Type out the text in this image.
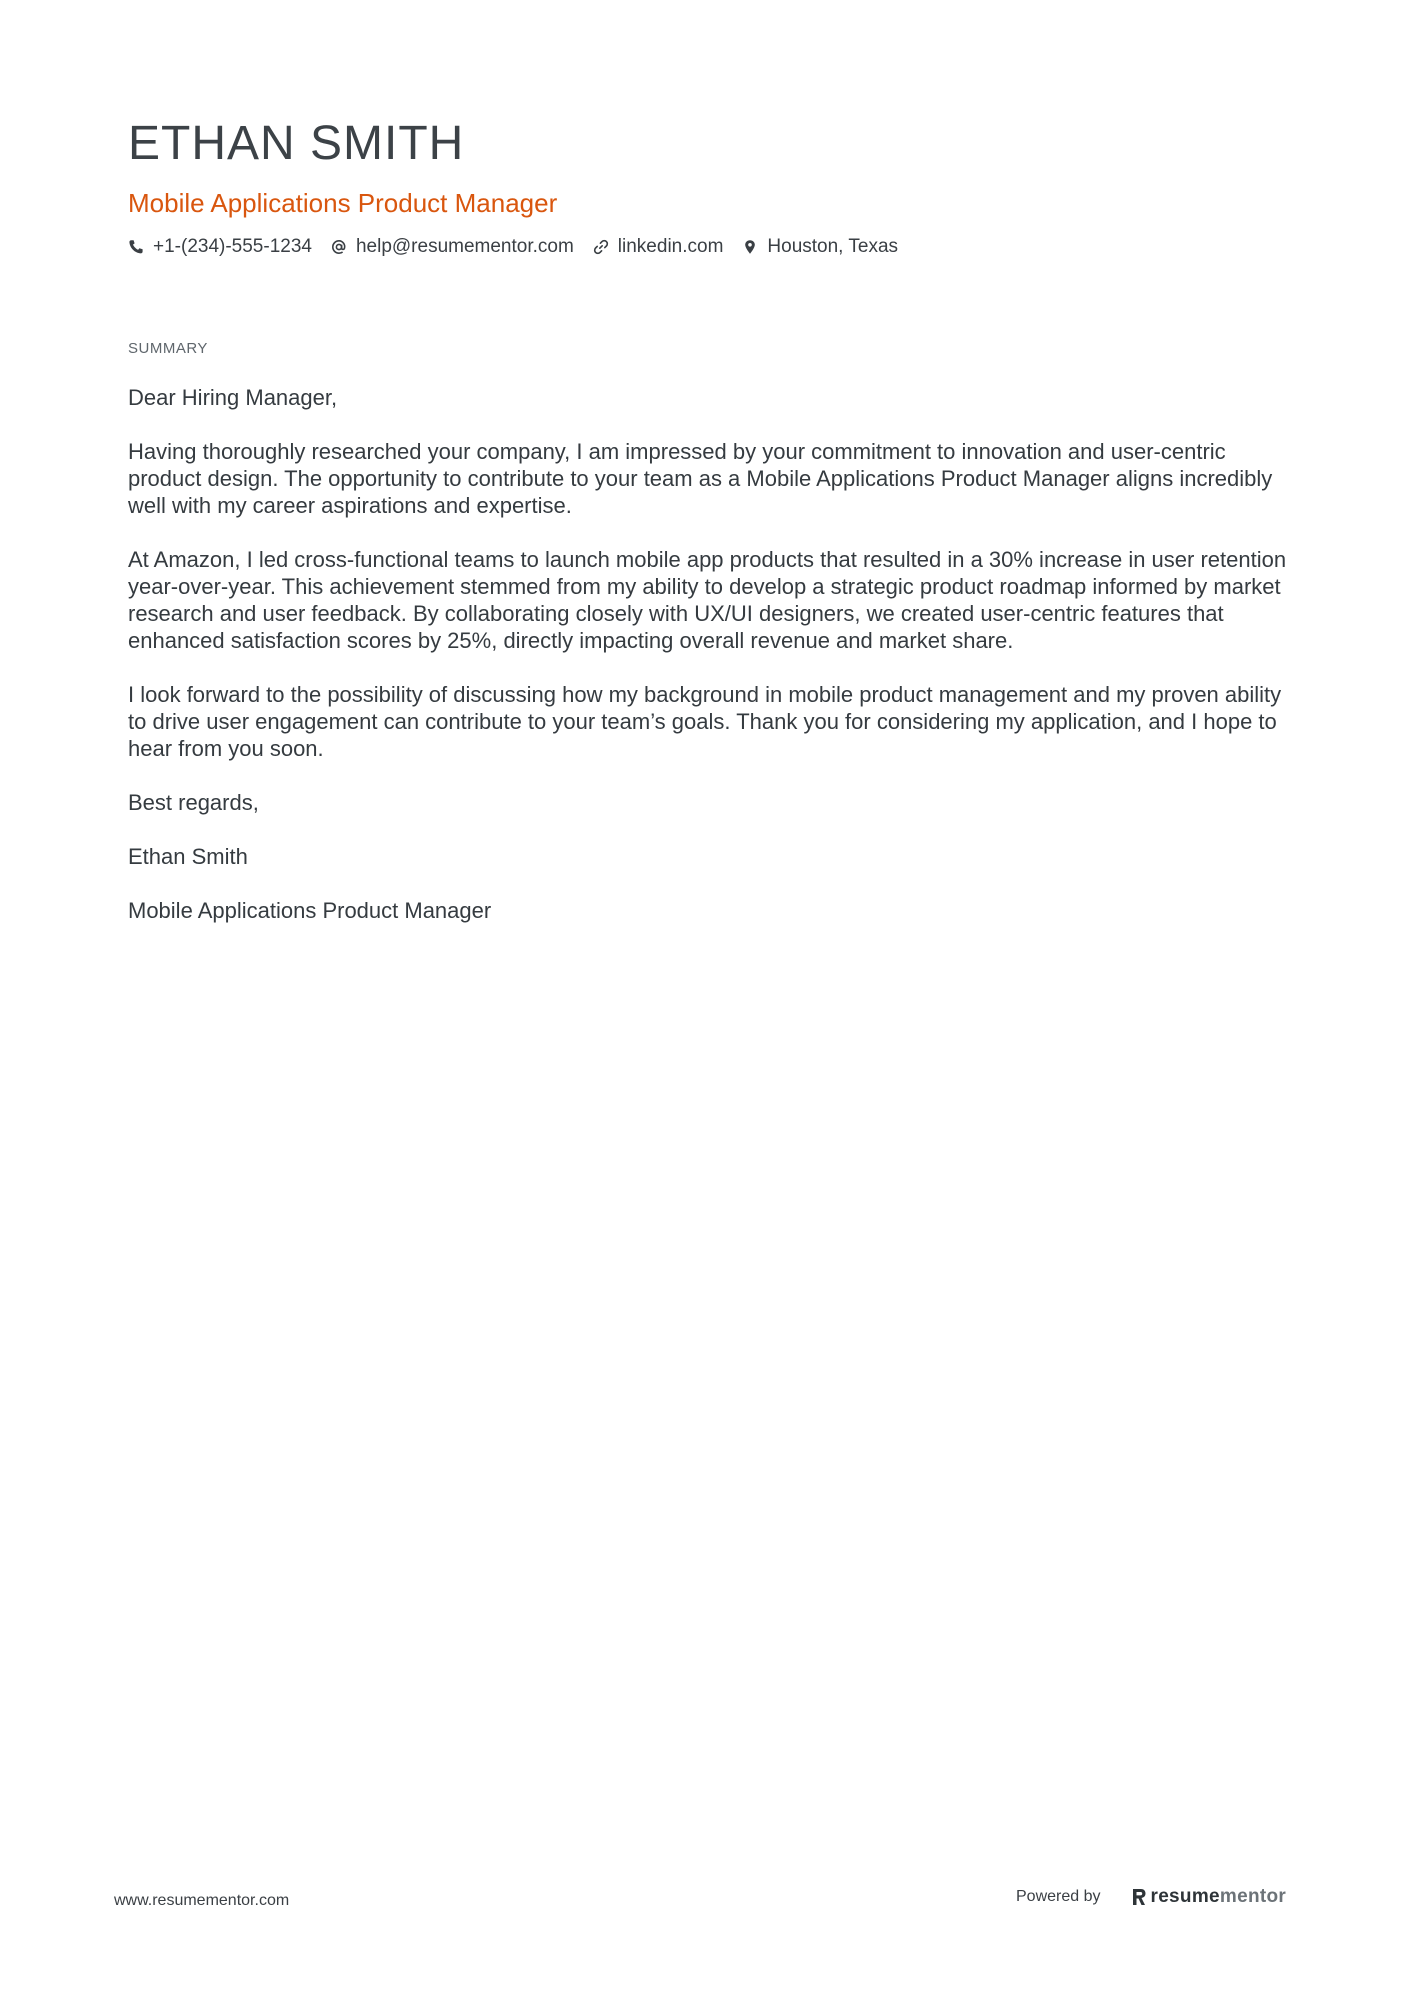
ETHAN SMITH
Mobile Applications Product Manager
+1-(234)-555-1234 help@resumementor.com linkedin.com Houston, Texas
SUMMARY

Dear Hiring Manager,

Having thoroughly researched your company, I am impressed by your commitment to innovation and user-centric product design. The opportunity to contribute to your team as a Mobile Applications Product Manager aligns incredibly well with my career aspirations and expertise.

At Amazon, I led cross-functional teams to launch mobile app products that resulted in a 30% increase in user retention year-over-year. This achievement stemmed from my ability to develop a strategic product roadmap informed by market research and user feedback. By collaborating closely with UX/UI designers, we created user-centric features that enhanced satisfaction scores by 25%, directly impacting overall revenue and market share.

I look forward to the possibility of discussing how my background in mobile product management and my proven ability to drive user engagement can contribute to your team’s goals. Thank you for considering my application, and I hope to hear from you soon.

Best regards,

Ethan Smith

Mobile Applications Product Manager

www.resumementor.com	Powered by	resume mentor
